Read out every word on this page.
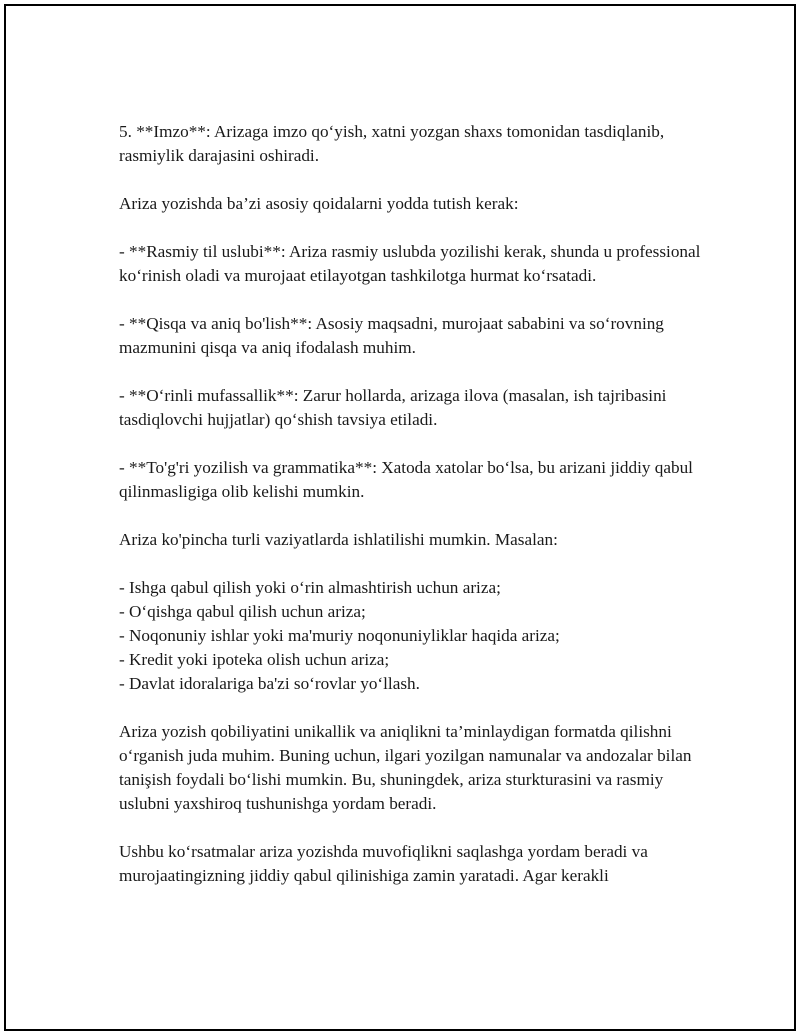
5. **Imzo**: Arizaga imzo qo‘yish, xatni yozgan shaxs tomonidan tasdiqlanib, rasmiylik darajasini oshiradi.

Ariza yozishda ba’zi asosiy qoidalarni yodda tutish kerak:

- **Rasmiy til uslubi**: Ariza rasmiy uslubda yozilishi kerak, shunda u professional ko‘rinish oladi va murojaat etilayotgan tashkilotga hurmat ko‘rsatadi.

- **Qisqa va aniq bo'lish**: Asosiy maqsadni, murojaat sababini va so‘rovning mazmunini qisqa va aniq ifodalash muhim.

- **O‘rinli mufassallik**: Zarur hollarda, arizaga ilova (masalan, ish tajribasini tasdiqlovchi hujjatlar) qo‘shish tavsiya etiladi.

- **To'g'ri yozilish va grammatika**: Xatoda xatolar bo‘lsa, bu arizani jiddiy qabul qilinmasligiga olib kelishi mumkin.

Ariza ko'pincha turli vaziyatlarda ishlatilishi mumkin. Masalan:

- Ishga qabul qilish yoki o‘rin almashtirish uchun ariza;
- O‘qishga qabul qilish uchun ariza;
- Noqonuniy ishlar yoki ma'muriy noqonuniyliklar haqida ariza;
- Kredit yoki ipoteka olish uchun ariza;
- Davlat idoralariga ba'zi so‘rovlar yo‘llash.

Ariza yozish qobiliyatini unikallik va aniqlikni ta’minlaydigan formatda qilishni o‘rganish juda muhim. Buning uchun, ilgari yozilgan namunalar va andozalar bilan tanişish foydali bo‘lishi mumkin. Bu, shuningdek, ariza sturkturasini va rasmiy uslubni yaxshiroq tushunishga yordam beradi.

Ushbu ko‘rsatmalar ariza yozishda muvofiqlikni saqlashga yordam beradi va murojaatingizning jiddiy qabul qilinishiga zamin yaratadi. Agar kerakli
